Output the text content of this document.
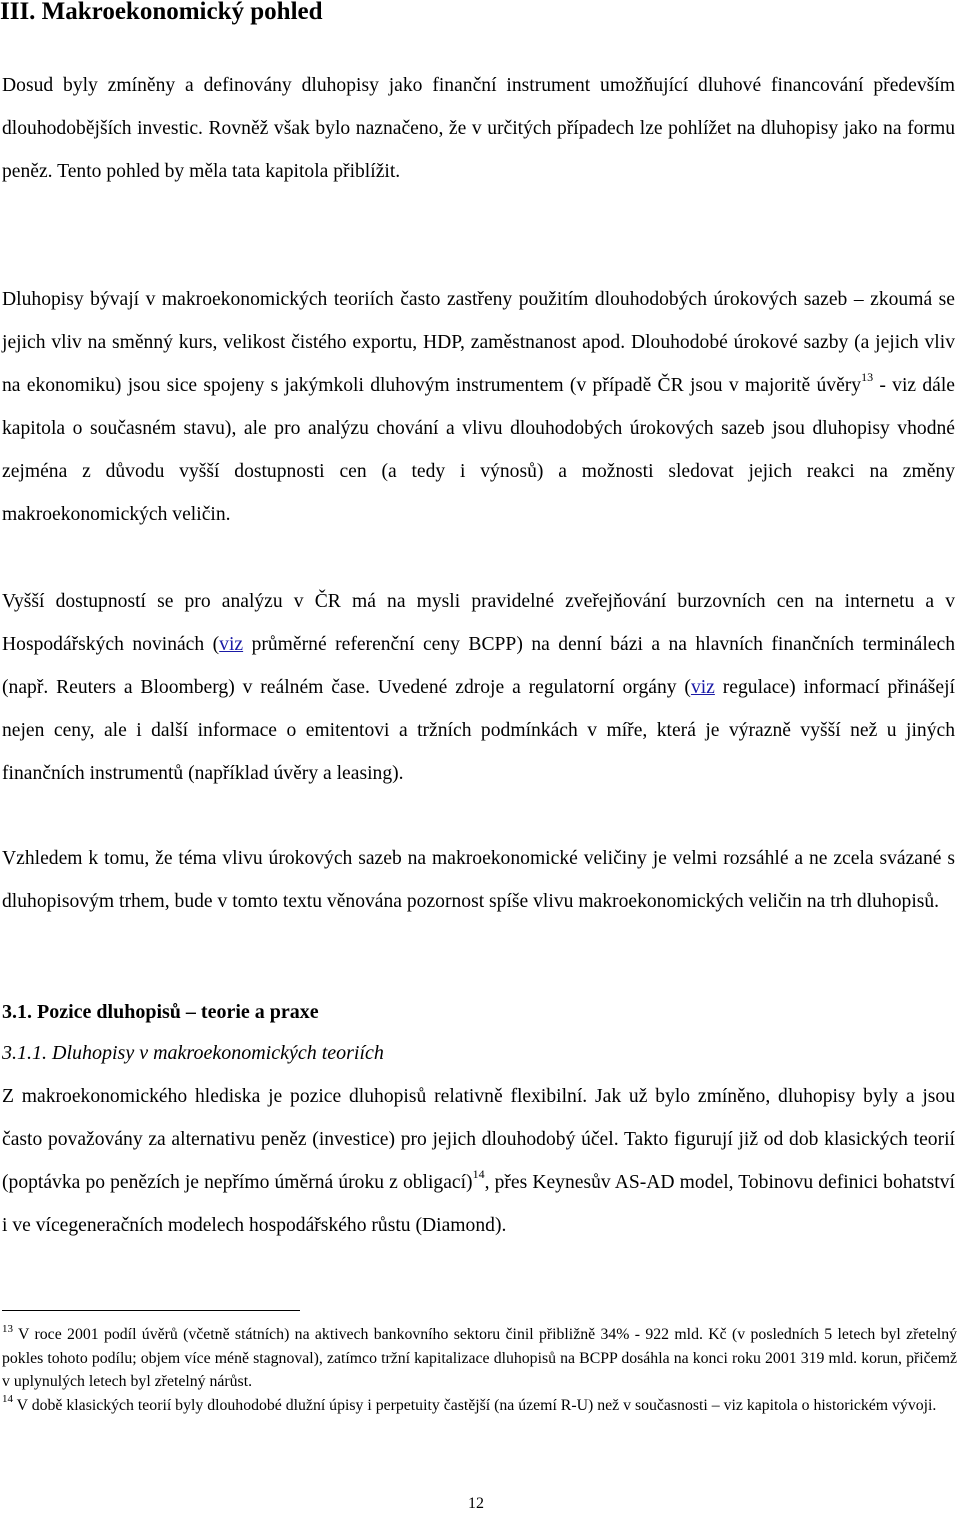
III. Makroekonomický pohled

Dosud byly zmíněny a definovány dluhopisy jako finanční instrument umožňující dluhové financování především dlouhodobějších investic. Rovněž však bylo naznačeno, že v určitých případech lze pohlížet na dluhopisy jako na formu peněz. Tento pohled by měla tata kapitola přiblížit.

Dluhopisy bývají v makroekonomických teoriích často zastřeny použitím dlouhodobých úrokových sazeb – zkoumá se jejich vliv na směnný kurs, velikost čistého exportu, HDP, zaměstnanost apod. Dlouhodobé úrokové sazby (a jejich vliv na ekonomiku) jsou sice spojeny s jakýmkoli dluhovým instrumentem (v případě ČR jsou v majoritě úvěry$^{13}$ - viz dále kapitola o současném stavu), ale pro analýzu chování a vlivu dlouhodobých úrokových sazeb jsou dluhopisy vhodné zejména z důvodu vyšší dostupnosti cen (a tedy i výnosů) a možnosti sledovat jejich reakci na změny makroekonomických veličin.

Vyšší dostupností se pro analýzu v ČR má na mysli pravidelné zveřejňování burzovních cen na internetu a v Hospodářských novinách (viz průměrné referenční ceny BCPP) na denní bázi a na hlavních finančních terminálech (např. Reuters a Bloomberg) v reálném čase. Uvedené zdroje a regulatorní orgány (viz regulace) informací přinášejí nejen ceny, ale i další informace o emitentovi a tržních podmínkách v míře, která je výrazně vyšší než u jiných finančních instrumentů (například úvěry a leasing).

Vzhledem k tomu, že téma vlivu úrokových sazeb na makroekonomické veličiny je velmi rozsáhlé a ne zcela svázané s dluhopisovým trhem, bude v tomto textu věnována pozornost spíše vlivu makroekonomických veličin na trh dluhopisů.

3.1. Pozice dluhopisů – teorie a praxe
3.1.1. Dluhopisy v makroekonomických teoriích

Z makroekonomického hlediska je pozice dluhopisů relativně flexibilní. Jak už bylo zmíněno, dluhopisy byly a jsou často považovány za alternativu peněz (investice) pro jejich dlouhodobý účel. Takto figurují již od dob klasických teorií (poptávka po penězích je nepřímo úměrná úroku z obligací)$^{14}$, přes Keynesův AS-AD model, Tobinovu definici bohatství i ve vícegeneračních modelech hospodářského růstu (Diamond).

$^{13}$ V roce 2001 podíl úvěrů (včetně státních) na aktivech bankovního sektoru činil přibližně 34% - 922 mld. Kč (v posledních 5 letech byl zřetelný pokles tohoto podílu; objem více méně stagnoval), zatímco tržní kapitalizace dluhopisů na BCPP dosáhla na konci roku 2001 319 mld. korun, přičemž v uplynulých letech byl zřetelný nárůst.

$^{14}$ V době klasických teorií byly dlouhodobé dlužní úpisy i perpetuity častější (na území R-U) než v současnosti – viz kapitola o historickém vývoji.

12
